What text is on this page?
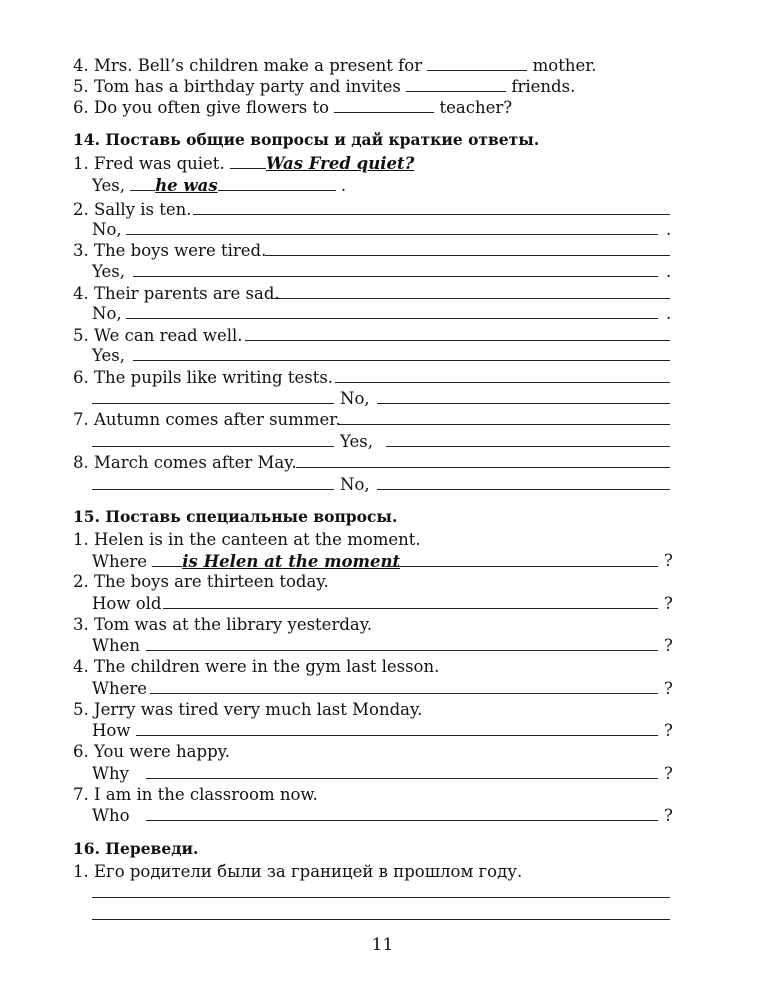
4. Mrs. Bell’s children make a present for	mother.
5. Tom has a birthday party and invites	friends.
6. Do you often give flowers to	teacher?
14. Поставь общие вопросы и дай краткие ответы.
1. Fred was quiet.	Was Fred quiet?
Yes, he was	.
2. Sally is ten.
No,	.
3. The boys were tired.
Yes,	.
4. Their parents are sad.
No,	.
5. We can read well.
Yes,
6. The pupils like writing tests.
No,
7. Autumn comes after summer.
Yes,
8. March comes after May.
No,
15. Поставь специальные вопросы.
1. Helen is in the canteen at the moment.
Where is Helen at the moment	?
2. The boys are thirteen today.
How old	?
3. Tom was at the library yesterday.
When	?
4. The children were in the gym last lesson.
Where	?
5. Jerry was tired very much last Monday.
How	?
6. You were happy.
Why	?
7. I am in the classroom now.
Who	?
16. Переведи.
1. Его родители были за границей в прошлом году.
11
